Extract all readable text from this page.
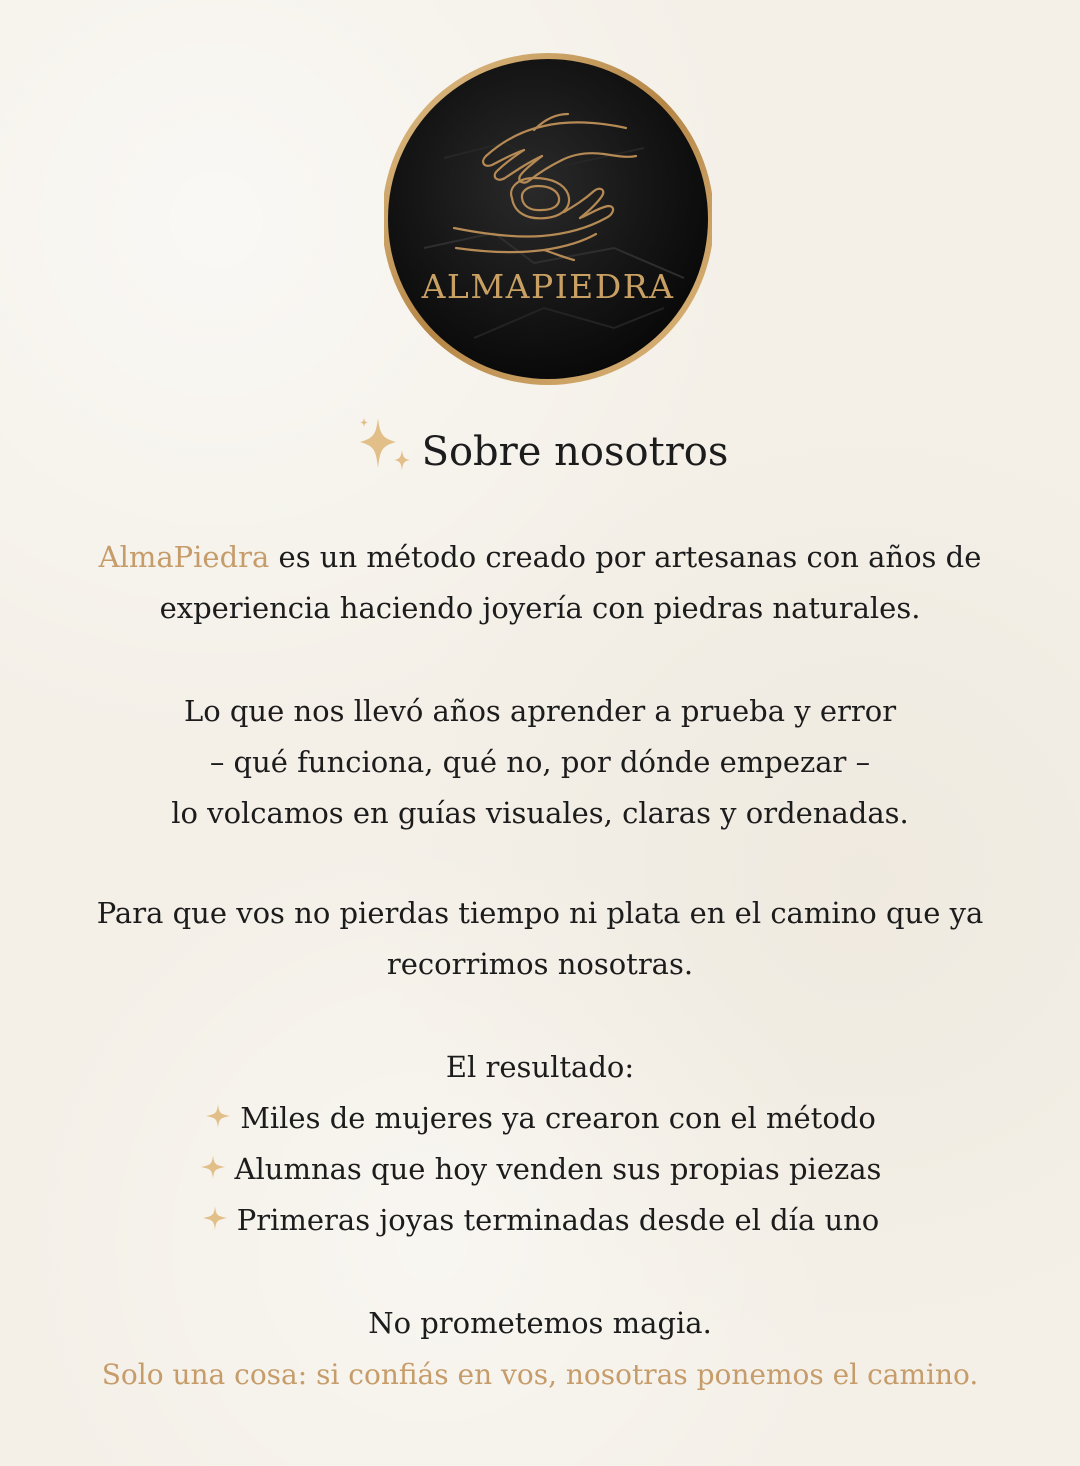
ALMAPIEDRA
Sobre nosotros

AlmaPiedra es un método creado por artesanas con años de

experiencia haciendo joyería con piedras naturales.

Lo que nos llevó años aprender a prueba y error

– qué funciona, qué no, por dónde empezar –

lo volcamos en guías visuales, claras y ordenadas.

Para que vos no pierdas tiempo ni plata en el camino que ya

recorrimos nosotras.

El resultado:

Miles de mujeres ya crearon con el método

Alumnas que hoy venden sus propias piezas

Primeras joyas terminadas desde el día uno

No prometemos magia.

Solo una cosa: si confiás en vos, nosotras ponemos el camino.
